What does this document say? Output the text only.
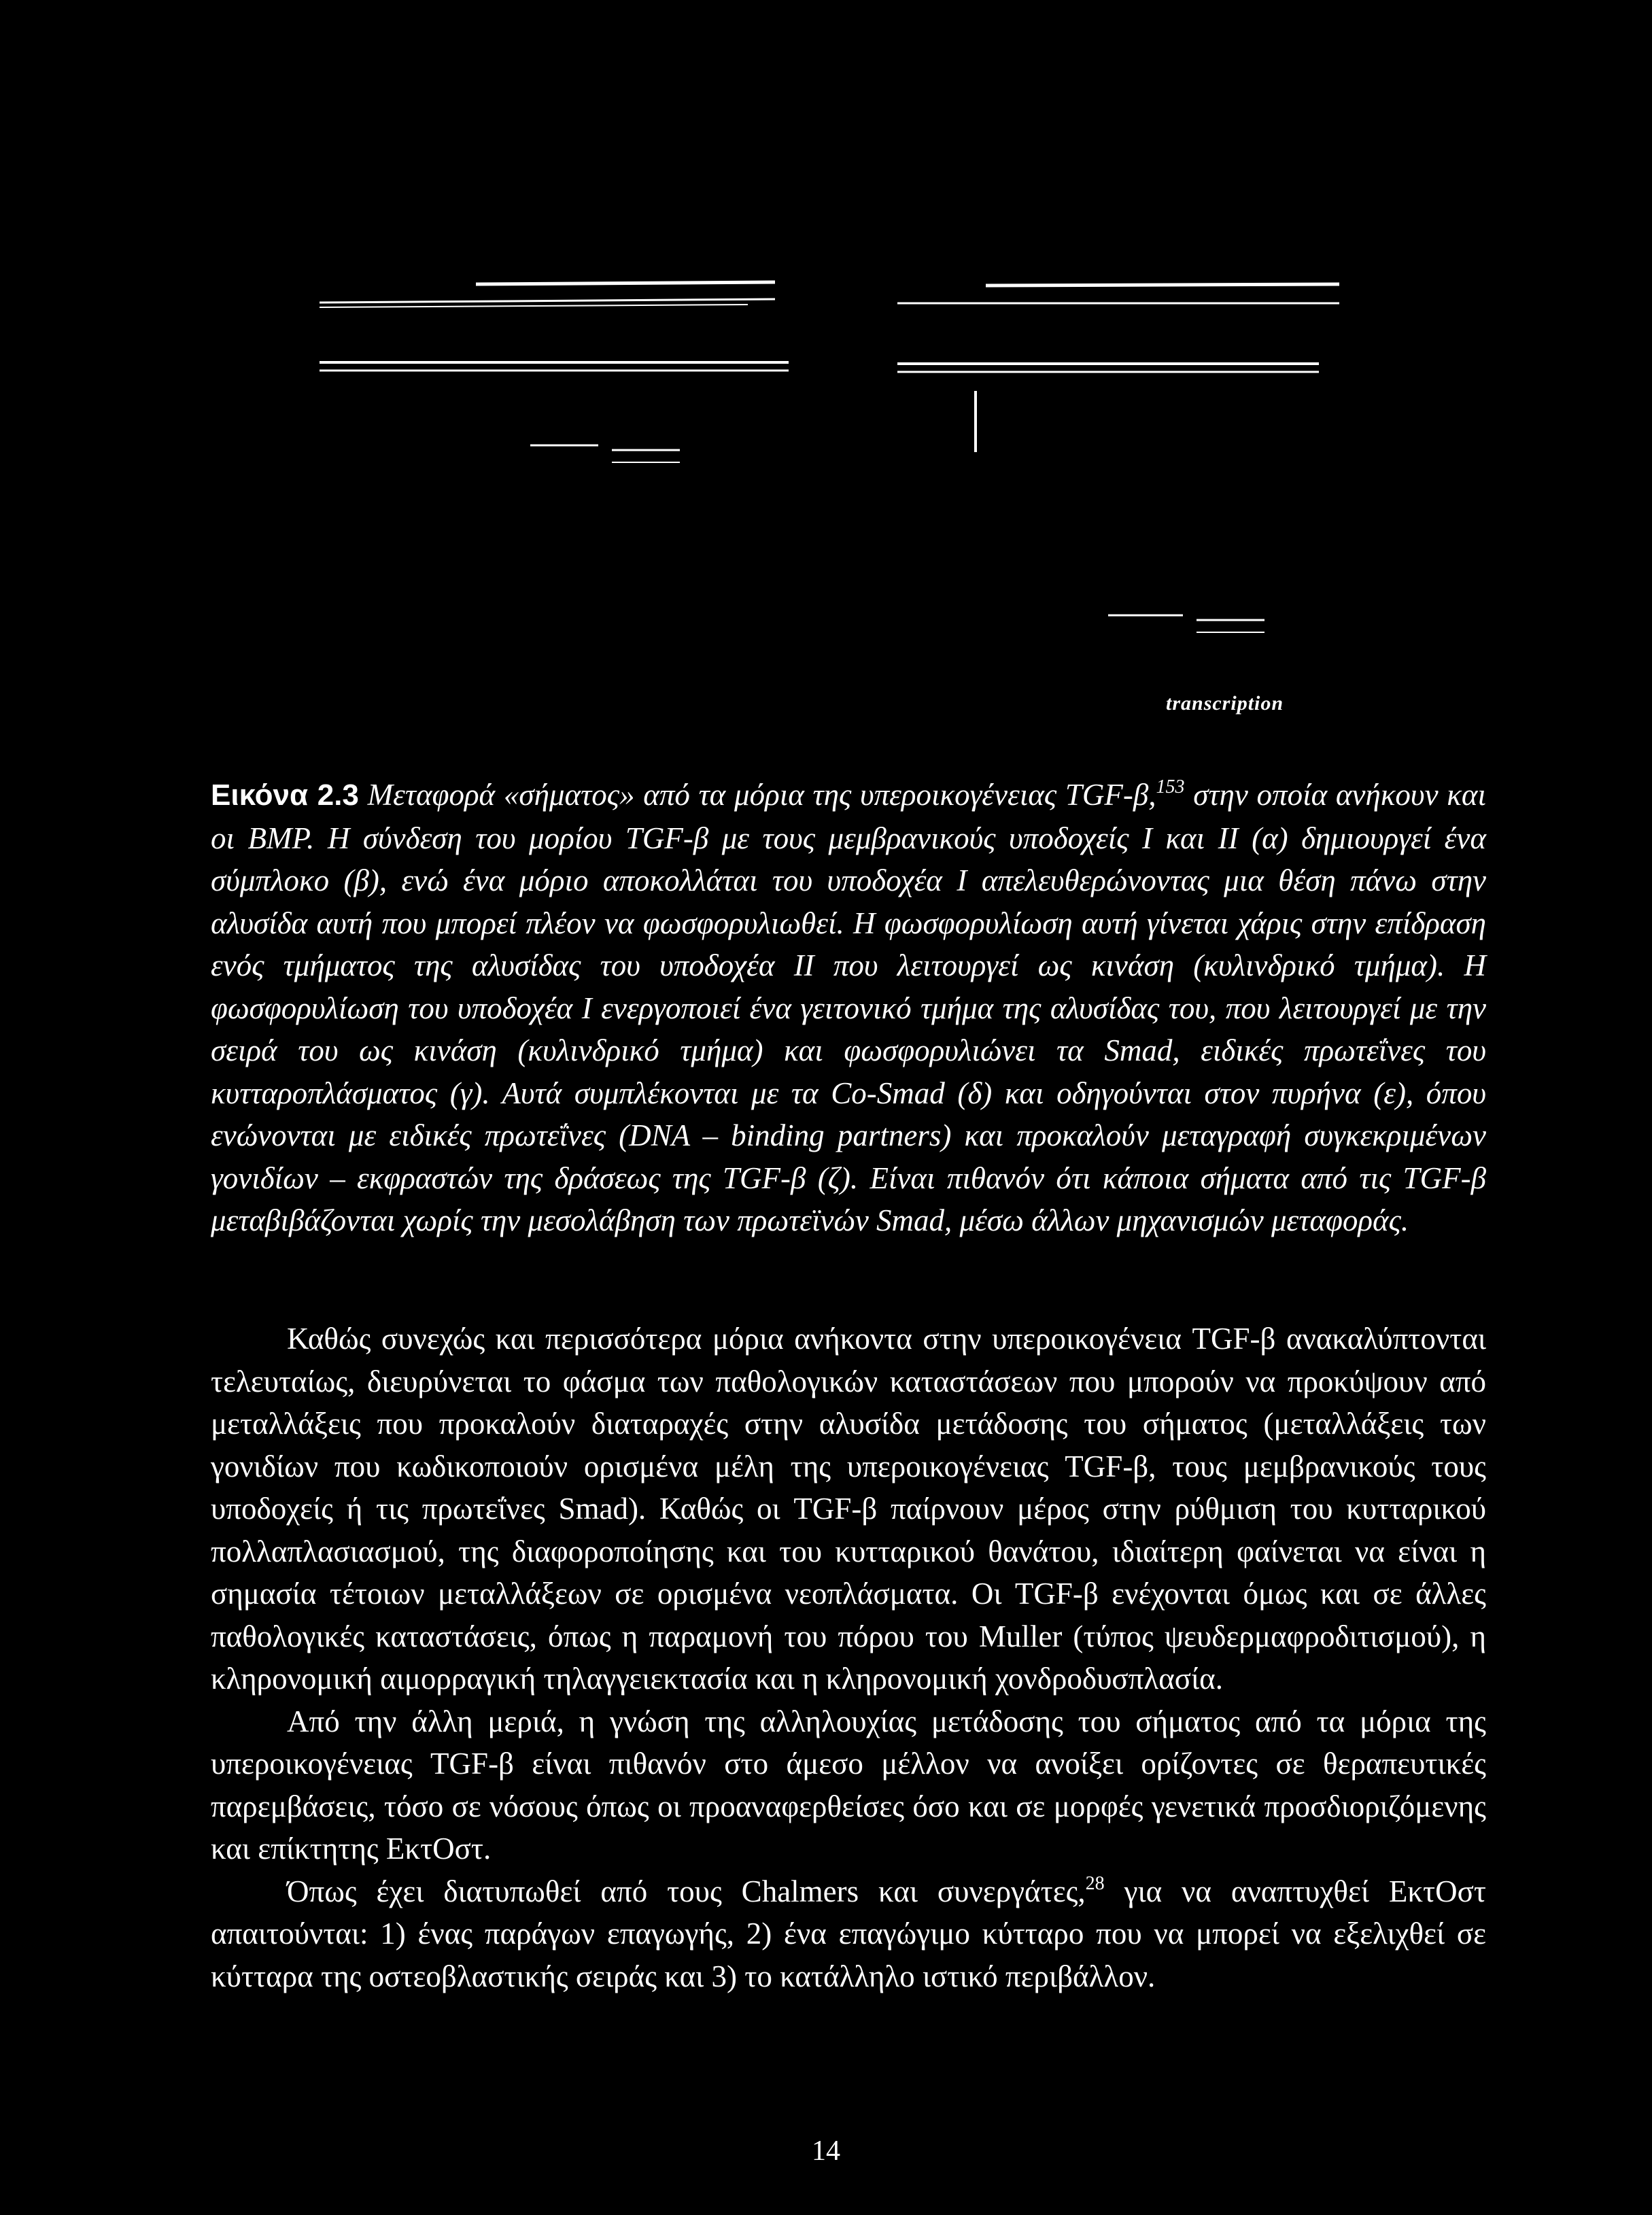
transcription
Εικόνα 2.3 Μεταφορά «σήματος» από τα μόρια της υπεροικογένειας TGF-β,$^{153}$ στην οποία ανήκουν και οι BMP. Η σύνδεση του μορίου TGF-β με τους μεμβρανικούς υποδοχείς I και II (α) δημιουργεί ένα σύμπλοκο (β), ενώ ένα μόριο αποκολλάται του υποδοχέα I απελευθερώνοντας μια θέση πάνω στην αλυσίδα αυτή που μπορεί πλέον να φωσφορυλιωθεί. Η φωσφορυλίωση αυτή γίνεται χάρις στην επίδραση ενός τμήματος της αλυσίδας του υποδοχέα II που λειτουργεί ως κινάση (κυλινδρικό τμήμα). Η φωσφορυλίωση του υποδοχέα I ενεργοποιεί ένα γειτονικό τμήμα της αλυσίδας του, που λειτουργεί με την σειρά του ως κινάση (κυλινδρικό τμήμα) και φωσφορυλιώνει τα Smad, ειδικές πρωτεΐνες του κυτταροπλάσματος (γ). Αυτά συμπλέκονται με τα Co-Smad (δ) και οδηγούνται στον πυρήνα (ε), όπου ενώνονται με ειδικές πρωτεΐνες (DNA – binding partners) και προκαλούν μεταγραφή συγκεκριμένων γονιδίων – εκφραστών της δράσεως της TGF-β (ζ). Είναι πιθανόν ότι κάποια σήματα από τις TGF-β μεταβιβάζονται χωρίς την μεσολάβηση των πρωτεϊνών Smad, μέσω άλλων μηχανισμών μεταφοράς.

Καθώς συνεχώς και περισσότερα μόρια ανήκοντα στην υπεροικογένεια TGF-β ανακαλύπτονται τελευταίως, διευρύνεται το φάσμα των παθολογικών καταστάσεων που μπορούν να προκύψουν από μεταλλάξεις που προκαλούν διαταραχές στην αλυσίδα μετάδοσης του σήματος (μεταλλάξεις των γονιδίων που κωδικοποιούν ορισμένα μέλη της υπεροικογένειας TGF-β, τους μεμβρανικούς τους υποδοχείς ή τις πρωτεΐνες Smad). Καθώς οι TGF-β παίρνουν μέρος στην ρύθμιση του κυτταρικού πολλαπλασιασμού, της διαφοροποίησης και του κυτταρικού θανάτου, ιδιαίτερη φαίνεται να είναι η σημασία τέτοιων μεταλλάξεων σε ορισμένα νεοπλάσματα. Οι TGF-β ενέχονται όμως και σε άλλες παθολογικές καταστάσεις, όπως η παραμονή του πόρου του Muller (τύπος ψευδερμαφροδιτισμού), η κληρονομική αιμορραγική τηλαγγειεκτασία και η κληρονομική χονδροδυσπλασία.

Από την άλλη μεριά, η γνώση της αλληλουχίας μετάδοσης του σήματος από τα μόρια της υπεροικογένειας TGF-β είναι πιθανόν στο άμεσο μέλλον να ανοίξει ορίζοντες σε θεραπευτικές παρεμβάσεις, τόσο σε νόσους όπως οι προαναφερθείσες όσο και σε μορφές γενετικά προσδιοριζόμενης και επίκτητης ΕκτΟστ.

Όπως έχει διατυπωθεί από τους Chalmers και συνεργάτες,$^{28}$ για να αναπτυχθεί ΕκτΟστ απαιτούνται: 1) ένας παράγων επαγωγής, 2) ένα επαγώγιμο κύτταρο που να μπορεί να εξελιχθεί σε κύτταρα της οστεοβλαστικής σειράς και 3) το κατάλληλο ιστικό περιβάλλον.

14
